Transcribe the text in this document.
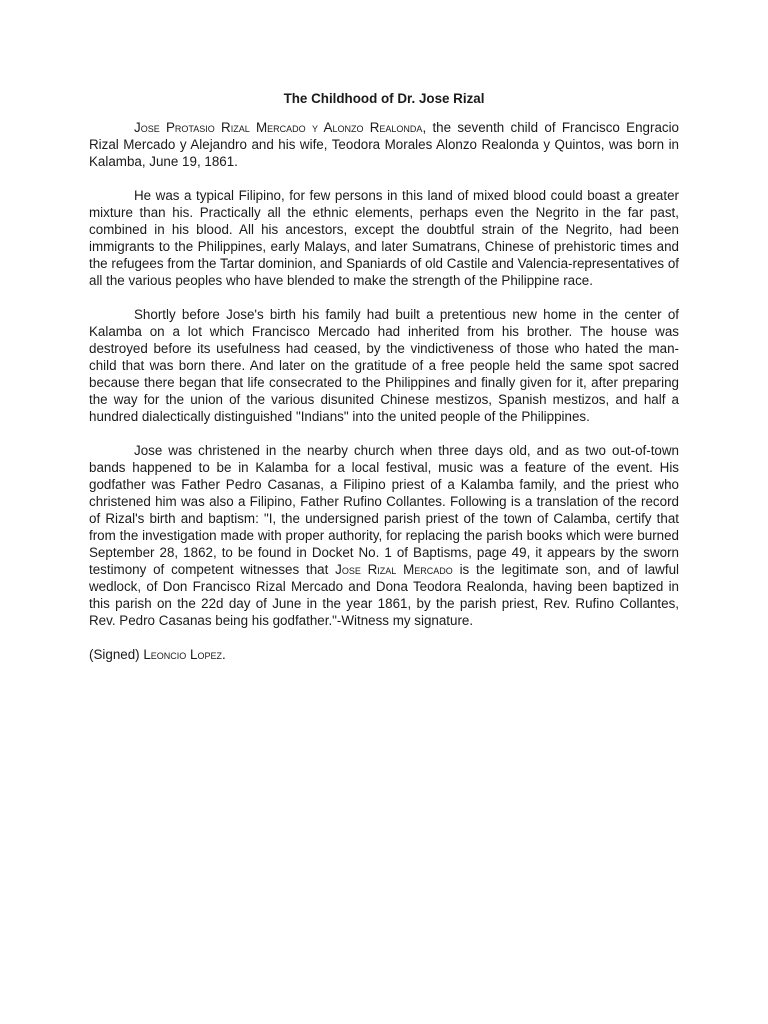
The Childhood of Dr. Jose Rizal

Jose Protasio Rizal Mercado y Alonzo Realonda, the seventh child of Francisco Engracio Rizal Mercado y Alejandro and his wife, Teodora Morales Alonzo Realonda y Quintos, was born in Kalamba, June 19, 1861.

He was a typical Filipino, for few persons in this land of mixed blood could boast a greater mixture than his. Practically all the ethnic elements, perhaps even the Negrito in the far past, combined in his blood. All his ancestors, except the doubtful strain of the Negrito, had been immigrants to the Philippines, early Malays, and later Sumatrans, Chinese of prehistoric times and the refugees from the Tartar dominion, and Spaniards of old Castile and Valencia-representatives of all the various peoples who have blended to make the strength of the Philippine race.

Shortly before Jose's birth his family had built a pretentious new home in the center of Kalamba on a lot which Francisco Mercado had inherited from his brother. The house was destroyed before its usefulness had ceased, by the vindictiveness of those who hated the man-child that was born there. And later on the gratitude of a free people held the same spot sacred because there began that life consecrated to the Philippines and finally given for it, after preparing the way for the union of the various disunited Chinese mestizos, Spanish mestizos, and half a hundred dialectically distinguished "Indians" into the united people of the Philippines.

Jose was christened in the nearby church when three days old, and as two out-of-town bands happened to be in Kalamba for a local festival, music was a feature of the event. His godfather was Father Pedro Casanas, a Filipino priest of a Kalamba family, and the priest who christened him was also a Filipino, Father Rufino Collantes. Following is a translation of the record of Rizal's birth and baptism: "I, the undersigned parish priest of the town of Calamba, certify that from the investigation made with proper authority, for replacing the parish books which were burned September 28, 1862, to be found in Docket No. 1 of Baptisms, page 49, it appears by the sworn testimony of competent witnesses that Jose Rizal Mercado is the legitimate son, and of lawful wedlock, of Don Francisco Rizal Mercado and Dona Teodora Realonda, having been baptized in this parish on the 22d day of June in the year 1861, by the parish priest, Rev. Rufino Collantes, Rev. Pedro Casanas being his godfather."-Witness my signature.

(Signed) Leoncio Lopez.
